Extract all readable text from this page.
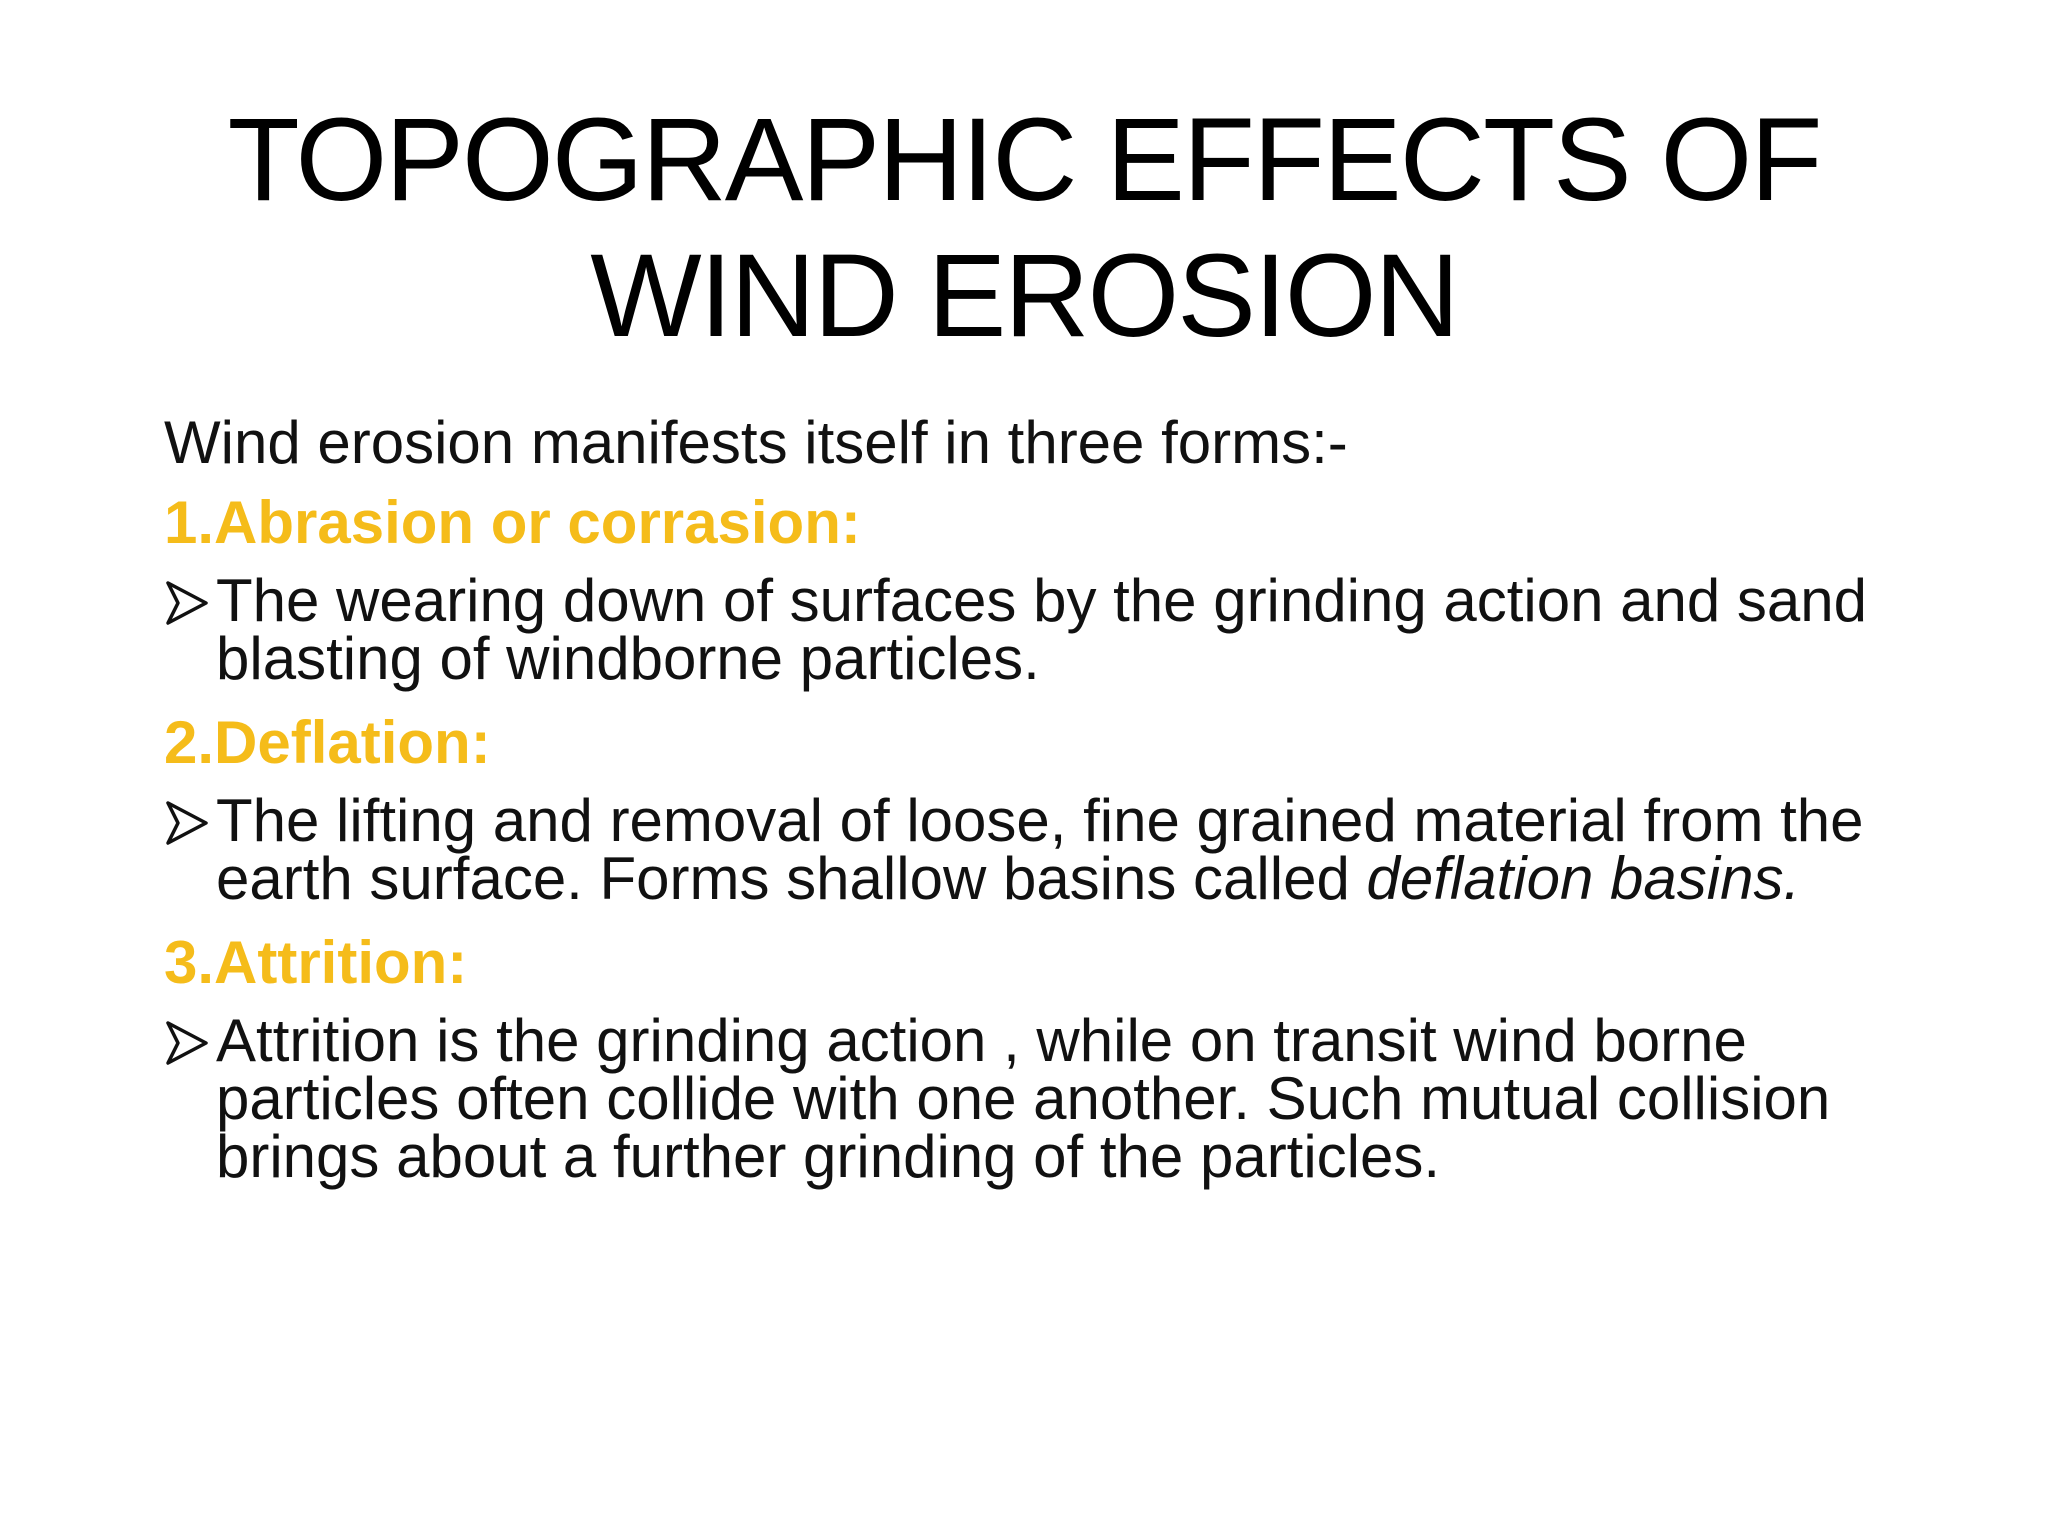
TOPOGRAPHIC EFFECTS OF WIND EROSION
Wind erosion manifests itself in three forms:-
1.Abrasion or corrasion:
The wearing down of surfaces by the grinding action and sand blasting of windborne particles.
2.Deflation:
The lifting and removal of loose, fine grained material from the earth surface. Forms shallow basins called deflation basins.
3.Attrition:
Attrition is the grinding action , while on transit wind borne particles often collide with one another. Such mutual collision brings about a further grinding of the particles.
